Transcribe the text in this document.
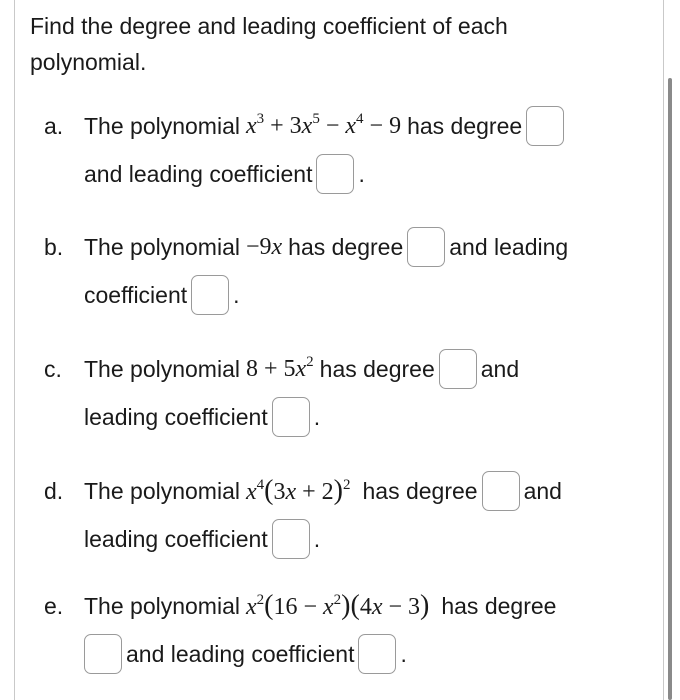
Find the degree and leading coefficient of each
polynomial.
a. The polynomial $x^3 + 3x^5 - x^4 - 9$ has degree
and leading coefficient .
b. The polynomial −9x has degree and leading
coefficient .
c. The polynomial $8 + 5x^2$ has degree and
leading coefficient .
d. The polynomial $x^4(3x + 2)^2$ has degree and
leading coefficient .
e. The polynomial $x^2(16 - x^2)(4x - 3)$ has degree
and leading coefficient .
